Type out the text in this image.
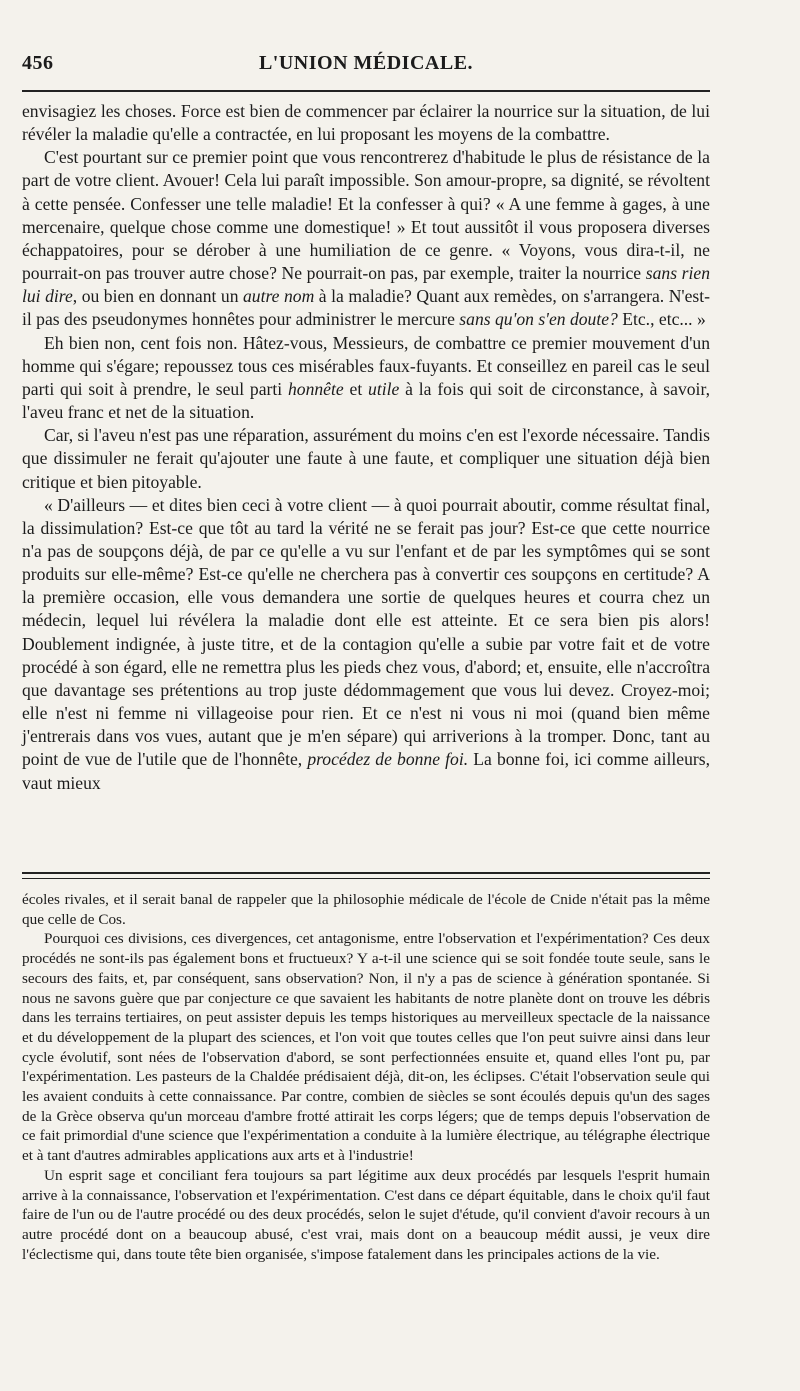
456	L'UNION MÉDICALE.

envisagiez les choses. Force est bien de commencer par éclairer la nourrice sur la situation, de lui révéler la maladie qu'elle a contractée, en lui proposant les moyens de la combattre.

C'est pourtant sur ce premier point que vous rencontrerez d'habitude le plus de résistance de la part de votre client. Avouer! Cela lui paraît impossible. Son amour-propre, sa dignité, se révoltent à cette pensée. Confesser une telle maladie! Et la confesser à qui? « A une femme à gages, à une mercenaire, quelque chose comme une domestique! » Et tout aussitôt il vous proposera diverses échappatoires, pour se dérober à une humiliation de ce genre. « Voyons, vous dira-t-il, ne pourrait-on pas trouver autre chose? Ne pourrait-on pas, par exemple, traiter la nourrice sans rien lui dire, ou bien en donnant un autre nom à la maladie? Quant aux remèdes, on s'arrangera. N'est-il pas des pseudonymes honnêtes pour administrer le mercure sans qu'on s'en doute? Etc., etc... »

Eh bien non, cent fois non. Hâtez-vous, Messieurs, de combattre ce premier mouvement d'un homme qui s'égare; repoussez tous ces misérables faux-fuyants. Et conseillez en pareil cas le seul parti qui soit à prendre, le seul parti honnête et utile à la fois qui soit de circonstance, à savoir, l'aveu franc et net de la situation.

Car, si l'aveu n'est pas une réparation, assurément du moins c'en est l'exorde nécessaire. Tandis que dissimuler ne ferait qu'ajouter une faute à une faute, et compliquer une situation déjà bien critique et bien pitoyable.

« D'ailleurs — et dites bien ceci à votre client — à quoi pourrait aboutir, comme résultat final, la dissimulation? Est-ce que tôt au tard la vérité ne se ferait pas jour? Est-ce que cette nourrice n'a pas de soupçons déjà, de par ce qu'elle a vu sur l'enfant et de par les symptômes qui se sont produits sur elle-même? Est-ce qu'elle ne cherchera pas à convertir ces soupçons en certitude? A la première occasion, elle vous demandera une sortie de quelques heures et courra chez un médecin, lequel lui révélera la maladie dont elle est atteinte. Et ce sera bien pis alors! Doublement indignée, à juste titre, et de la contagion qu'elle a subie par votre fait et de votre procédé à son égard, elle ne remettra plus les pieds chez vous, d'abord; et, ensuite, elle n'accroîtra que davantage ses prétentions au trop juste dédommagement que vous lui devez. Croyez-moi; elle n'est ni femme ni villageoise pour rien. Et ce n'est ni vous ni moi (quand bien même j'entrerais dans vos vues, autant que je m'en sépare) qui arriverions à la tromper. Donc, tant au point de vue de l'utile que de l'honnête, procédez de bonne foi. La bonne foi, ici comme ailleurs, vaut mieux

écoles rivales, et il serait banal de rappeler que la philosophie médicale de l'école de Cnide n'était pas la même que celle de Cos.

Pourquoi ces divisions, ces divergences, cet antagonisme, entre l'observation et l'expérimentation? Ces deux procédés ne sont-ils pas également bons et fructueux? Y a-t-il une science qui se soit fondée toute seule, sans le secours des faits, et, par conséquent, sans observation? Non, il n'y a pas de science à génération spontanée. Si nous ne savons guère que par conjecture ce que savaient les habitants de notre planète dont on trouve les débris dans les terrains tertiaires, on peut assister depuis les temps historiques au merveilleux spectacle de la naissance et du développement de la plupart des sciences, et l'on voit que toutes celles que l'on peut suivre ainsi dans leur cycle évolutif, sont nées de l'observation d'abord, se sont perfectionnées ensuite et, quand elles l'ont pu, par l'expérimentation. Les pasteurs de la Chaldée prédisaient déjà, dit-on, les éclipses. C'était l'observation seule qui les avaient conduits à cette connaissance. Par contre, combien de siècles se sont écoulés depuis qu'un des sages de la Grèce observa qu'un morceau d'ambre frotté attirait les corps légers; que de temps depuis l'observation de ce fait primordial d'une science que l'expérimentation a conduite à la lumière électrique, au télégraphe électrique et à tant d'autres admirables applications aux arts et à l'industrie!

Un esprit sage et conciliant fera toujours sa part légitime aux deux procédés par lesquels l'esprit humain arrive à la connaissance, l'observation et l'expérimentation. C'est dans ce départ équitable, dans le choix qu'il faut faire de l'un ou de l'autre procédé ou des deux procédés, selon le sujet d'étude, qu'il convient d'avoir recours à un autre procédé dont on a beaucoup abusé, c'est vrai, mais dont on a beaucoup médit aussi, je veux dire l'éclectisme qui, dans toute tête bien organisée, s'impose fatalement dans les principales actions de la vie.
